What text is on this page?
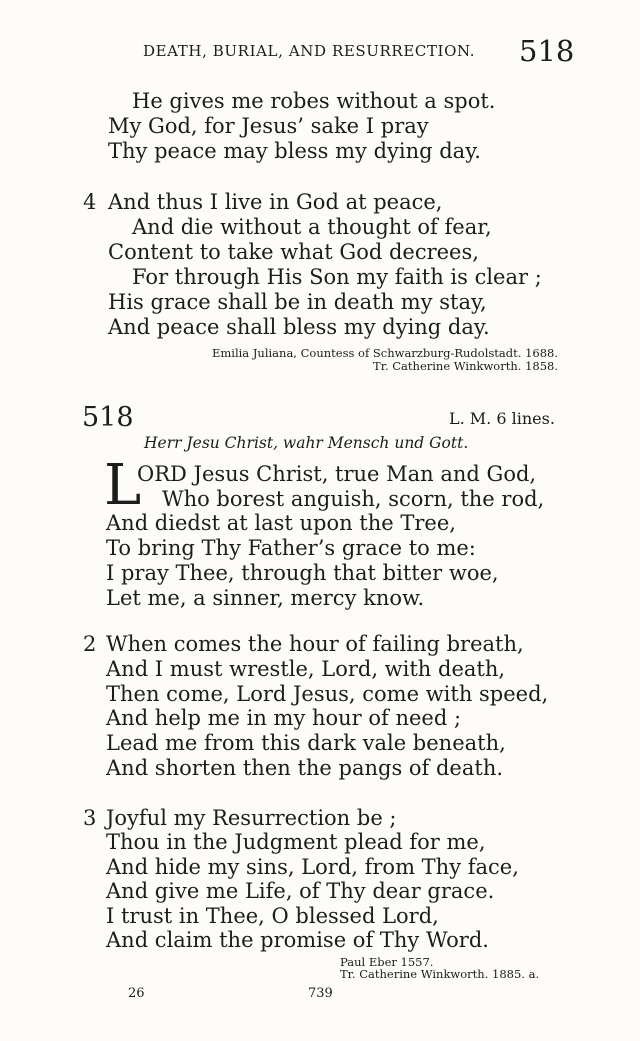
DEATH, BURIAL, AND RESURRECTION. 518
He gives me robes without a spot.
My God, for Jesus’ sake I pray
Thy peace may bless my dying day.
4 And thus I live in God at peace,
And die without a thought of fear,
Content to take what God decrees,
For through His Son my faith is clear ;
His grace shall be in death my stay,
And peace shall bless my dying day.
Emilia Juliana, Countess of Schwarzburg-Rudolstadt. 1688.
Tr. Catherine Winkworth. 1858.
518	L. M. 6 lines.
Herr Jesu Christ, wahr Mensch und Gott.
L
ORD Jesus Christ, true Man and God,
Who borest anguish, scorn, the rod,
And diedst at last upon the Tree,
To bring Thy Father’s grace to me:
I pray Thee, through that bitter woe,
Let me, a sinner, mercy know.
2 When comes the hour of failing breath,
And I must wrestle, Lord, with death,
Then come, Lord Jesus, come with speed,
And help me in my hour of need ;
Lead me from this dark vale beneath,
And shorten then the pangs of death.
3 Joyful my Resurrection be ;
Thou in the Judgment plead for me,
And hide my sins, Lord, from Thy face,
And give me Life, of Thy dear grace.
I trust in Thee, O blessed Lord,
And claim the promise of Thy Word.
Paul Eber 1557.
Tr. Catherine Winkworth. 1885. a.
26	739
